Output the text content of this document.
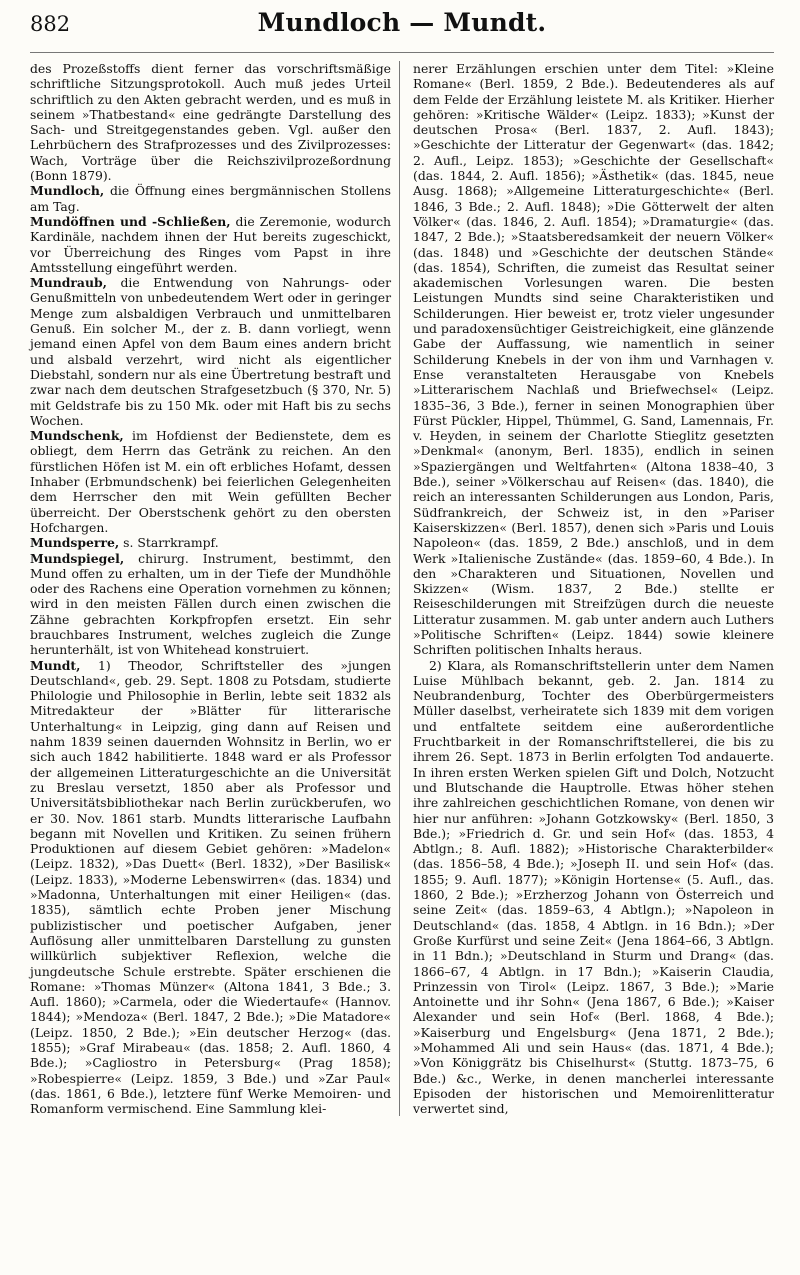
882	Mundloch — Mundt.

des Prozeßstoffs dient ferner das vorschriftsmäßige schriftliche Sitzungsprotokoll. Auch muß jedes Urteil schriftlich zu den Akten gebracht werden, und es muß in seinem »Thatbestand« eine gedrängte Darstellung des Sach- und Streitgegenstandes geben. Vgl. außer den Lehrbüchern des Strafprozesses und des Zivilprozesses: Wach, Vorträge über die Reichszivilprozeßordnung (Bonn 1879).

Mundloch, die Öffnung eines bergmännischen Stollens am Tag.

Mundöffnen und -Schließen, die Zeremonie, wodurch Kardinäle, nachdem ihnen der Hut bereits zugeschickt, vor Überreichung des Ringes vom Papst in ihre Amtsstellung eingeführt werden.

Mundraub, die Entwendung von Nahrungs- oder Genußmitteln von unbedeutendem Wert oder in geringer Menge zum alsbaldigen Verbrauch und unmittelbaren Genuß. Ein solcher M., der z. B. dann vorliegt, wenn jemand einen Apfel von dem Baum eines andern bricht und alsbald verzehrt, wird nicht als eigentlicher Diebstahl, sondern nur als eine Übertretung bestraft und zwar nach dem deutschen Strafgesetzbuch (§ 370, Nr. 5) mit Geldstrafe bis zu 150 Mk. oder mit Haft bis zu sechs Wochen.

Mundschenk, im Hofdienst der Bedienstete, dem es obliegt, dem Herrn das Getränk zu reichen. An den fürstlichen Höfen ist M. ein oft erbliches Hofamt, dessen Inhaber (Erbmundschenk) bei feierlichen Gelegenheiten dem Herrscher den mit Wein gefüllten Becher überreicht. Der Oberstschenk gehört zu den obersten Hofchargen.

Mundsperre, s. Starrkrampf.

Mundspiegel, chirurg. Instrument, bestimmt, den Mund offen zu erhalten, um in der Tiefe der Mundhöhle oder des Rachens eine Operation vornehmen zu können; wird in den meisten Fällen durch einen zwischen die Zähne gebrachten Korkpfropfen ersetzt. Ein sehr brauchbares Instrument, welches zugleich die Zunge herunterhält, ist von Whitehead konstruiert.

Mundt, 1) Theodor, Schriftsteller des »jungen Deutschland«, geb. 29. Sept. 1808 zu Potsdam, studierte Philologie und Philosophie in Berlin, lebte seit 1832 als Mitredakteur der »Blätter für litterarische Unterhaltung« in Leipzig, ging dann auf Reisen und nahm 1839 seinen dauernden Wohnsitz in Berlin, wo er sich auch 1842 habilitierte. 1848 ward er als Professor der allgemeinen Litteraturgeschichte an die Universität zu Breslau versetzt, 1850 aber als Professor und Universitätsbibliothekar nach Berlin zurückberufen, wo er 30. Nov. 1861 starb. Mundts litterarische Laufbahn begann mit Novellen und Kritiken. Zu seinen frühern Produktionen auf diesem Gebiet gehören: »Madelon« (Leipz. 1832), »Das Duett« (Berl. 1832), »Der Basilisk« (Leipz. 1833), »Moderne Lebenswirren« (das. 1834) und »Madonna, Unterhaltungen mit einer Heiligen« (das. 1835), sämtlich echte Proben jener Mischung publizistischer und poetischer Aufgaben, jener Auflösung aller unmittelbaren Darstellung zu gunsten willkürlich subjektiver Reflexion, welche die jungdeutsche Schule erstrebte. Später erschienen die Romane: »Thomas Münzer« (Altona 1841, 3 Bde.; 3. Aufl. 1860); »Carmela, oder die Wiedertaufe« (Hannov. 1844); »Mendoza« (Berl. 1847, 2 Bde.); »Die Matadore« (Leipz. 1850, 2 Bde.); »Ein deutscher Herzog« (das. 1855); »Graf Mirabeau« (das. 1858; 2. Aufl. 1860, 4 Bde.); »Cagliostro in Petersburg« (Prag 1858); »Robespierre« (Leipz. 1859, 3 Bde.) und »Zar Paul« (das. 1861, 6 Bde.), letztere fünf Werke Memoiren- und Romanform vermischend. Eine Sammlung klei-

nerer Erzählungen erschien unter dem Titel: »Kleine Romane« (Berl. 1859, 2 Bde.). Bedeutenderes als auf dem Felde der Erzählung leistete M. als Kritiker. Hierher gehören: »Kritische Wälder« (Leipz. 1833); »Kunst der deutschen Prosa« (Berl. 1837, 2. Aufl. 1843); »Geschichte der Litteratur der Gegenwart« (das. 1842; 2. Aufl., Leipz. 1853); »Geschichte der Gesellschaft« (das. 1844, 2. Aufl. 1856); »Ästhetik« (das. 1845, neue Ausg. 1868); »Allgemeine Litteraturgeschichte« (Berl. 1846, 3 Bde.; 2. Aufl. 1848); »Die Götterwelt der alten Völker« (das. 1846, 2. Aufl. 1854); »Dramaturgie« (das. 1847, 2 Bde.); »Staatsberedsamkeit der neuern Völker« (das. 1848) und »Geschichte der deutschen Stände« (das. 1854), Schriften, die zumeist das Resultat seiner akademischen Vorlesungen waren. Die besten Leistungen Mundts sind seine Charakteristiken und Schilderungen. Hier beweist er, trotz vieler ungesunder und paradoxensüchtiger Geistreichigkeit, eine glänzende Gabe der Auffassung, wie namentlich in seiner Schilderung Knebels in der von ihm und Varnhagen v. Ense veranstalteten Herausgabe von Knebels »Litterarischem Nachlaß und Briefwechsel« (Leipz. 1835–36, 3 Bde.), ferner in seinen Monographien über Fürst Pückler, Hippel, Thümmel, G. Sand, Lamennais, Fr. v. Heyden, in seinem der Charlotte Stieglitz gesetzten »Denkmal« (anonym, Berl. 1835), endlich in seinen »Spaziergängen und Weltfahrten« (Altona 1838–40, 3 Bde.), seiner »Völkerschau auf Reisen« (das. 1840), die reich an interessanten Schilderungen aus London, Paris, Südfrankreich, der Schweiz ist, in den »Pariser Kaiserskizzen« (Berl. 1857), denen sich »Paris und Louis Napoleon« (das. 1859, 2 Bde.) anschloß, und in dem Werk »Italienische Zustände« (das. 1859–60, 4 Bde.). In den »Charakteren und Situationen, Novellen und Skizzen« (Wism. 1837, 2 Bde.) stellte er Reiseschilderungen mit Streifzügen durch die neueste Litteratur zusammen. M. gab unter andern auch Luthers »Politische Schriften« (Leipz. 1844) sowie kleinere Schriften politischen Inhalts heraus.

2) Klara, als Romanschriftstellerin unter dem Namen Luise Mühlbach bekannt, geb. 2. Jan. 1814 zu Neubrandenburg, Tochter des Oberbürgermeisters Müller daselbst, verheiratete sich 1839 mit dem vorigen und entfaltete seitdem eine außerordentliche Fruchtbarkeit in der Romanschriftstellerei, die bis zu ihrem 26. Sept. 1873 in Berlin erfolgten Tod andauerte. In ihren ersten Werken spielen Gift und Dolch, Notzucht und Blutschande die Hauptrolle. Etwas höher stehen ihre zahlreichen geschichtlichen Romane, von denen wir hier nur anführen: »Johann Gotzkowsky« (Berl. 1850, 3 Bde.); »Friedrich d. Gr. und sein Hof« (das. 1853, 4 Abtlgn.; 8. Aufl. 1882); »Historische Charakterbilder« (das. 1856–58, 4 Bde.); »Joseph II. und sein Hof« (das. 1855; 9. Aufl. 1877); »Königin Hortense« (5. Aufl., das. 1860, 2 Bde.); »Erzherzog Johann von Österreich und seine Zeit« (das. 1859–63, 4 Abtlgn.); »Napoleon in Deutschland« (das. 1858, 4 Abtlgn. in 16 Bdn.); »Der Große Kurfürst und seine Zeit« (Jena 1864–66, 3 Abtlgn. in 11 Bdn.); »Deutschland in Sturm und Drang« (das. 1866–67, 4 Abtlgn. in 17 Bdn.); »Kaiserin Claudia, Prinzessin von Tirol« (Leipz. 1867, 3 Bde.); »Marie Antoinette und ihr Sohn« (Jena 1867, 6 Bde.); »Kaiser Alexander und sein Hof« (Berl. 1868, 4 Bde.); »Kaiserburg und Engelsburg« (Jena 1871, 2 Bde.); »Mohammed Ali und sein Haus« (das. 1871, 4 Bde.); »Von Königgrätz bis Chiselhurst« (Stuttg. 1873–75, 6 Bde.) &c., Werke, in denen mancherlei interessante Episoden der historischen und Memoirenlitteratur verwertet sind,
